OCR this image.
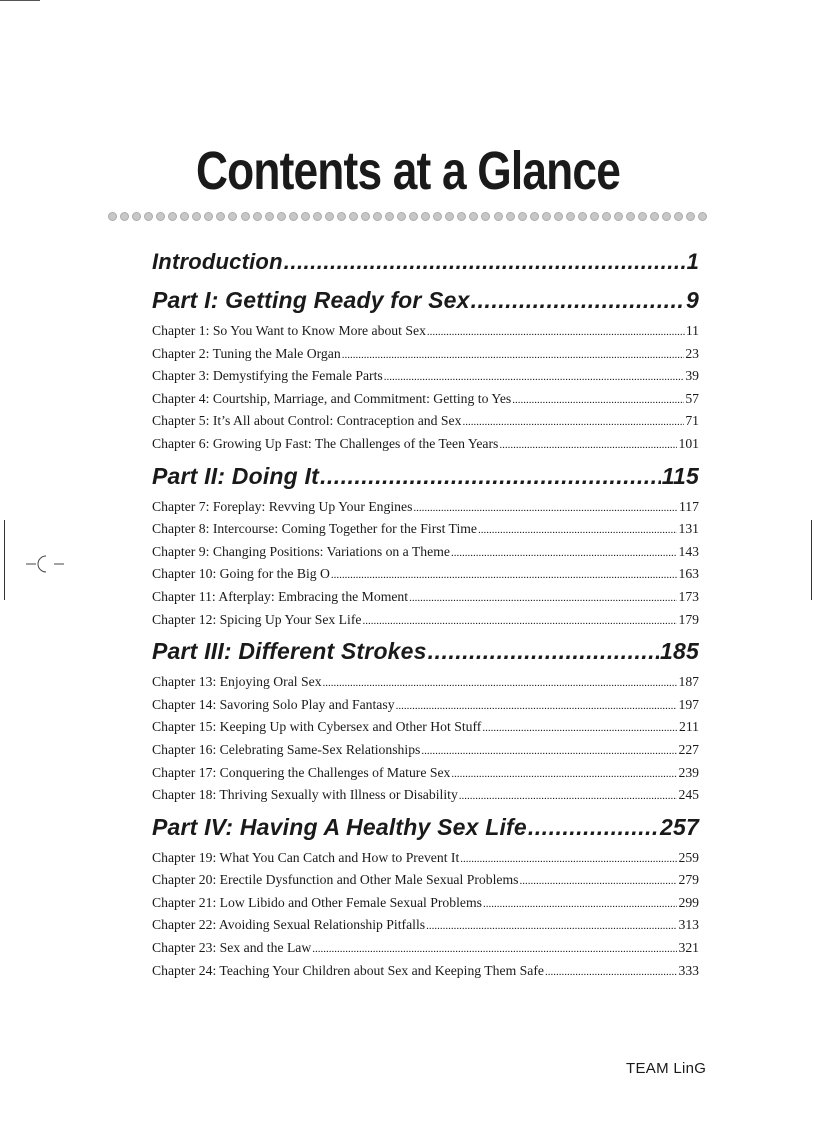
Contents at a Glance
Introduction .....	1
Part I: Getting Ready for Sex .....	9
Chapter 1: So You Want to Know More about Sex .....	11
Chapter 2: Tuning the Male Organ .....	23
Chapter 3: Demystifying the Female Parts .....	39
Chapter 4: Courtship, Marriage, and Commitment: Getting to Yes .....	57
Chapter 5: It’s All about Control: Contraception and Sex .....	71
Chapter 6: Growing Up Fast: The Challenges of the Teen Years .....	101
Part II: Doing It .....	115
Chapter 7: Foreplay: Revving Up Your Engines .....	117
Chapter 8: Intercourse: Coming Together for the First Time .....	131
Chapter 9: Changing Positions: Variations on a Theme .....	143
Chapter 10: Going for the Big O .....	163
Chapter 11: Afterplay: Embracing the Moment .....	173
Chapter 12: Spicing Up Your Sex Life .....	179
Part III: Different Strokes .....	185
Chapter 13: Enjoying Oral Sex .....	187
Chapter 14: Savoring Solo Play and Fantasy .....	197
Chapter 15: Keeping Up with Cybersex and Other Hot Stuff .....	211
Chapter 16: Celebrating Same-Sex Relationships .....	227
Chapter 17: Conquering the Challenges of Mature Sex .....	239
Chapter 18: Thriving Sexually with Illness or Disability .....	245
Part IV: Having A Healthy Sex Life .....	257
Chapter 19: What You Can Catch and How to Prevent It .....	259
Chapter 20: Erectile Dysfunction and Other Male Sexual Problems .....	279
Chapter 21: Low Libido and Other Female Sexual Problems .....	299
Chapter 22: Avoiding Sexual Relationship Pitfalls .....	313
Chapter 23: Sex and the Law .....	321
Chapter 24: Teaching Your Children about Sex and Keeping Them Safe .....	333
TEAM LinG
